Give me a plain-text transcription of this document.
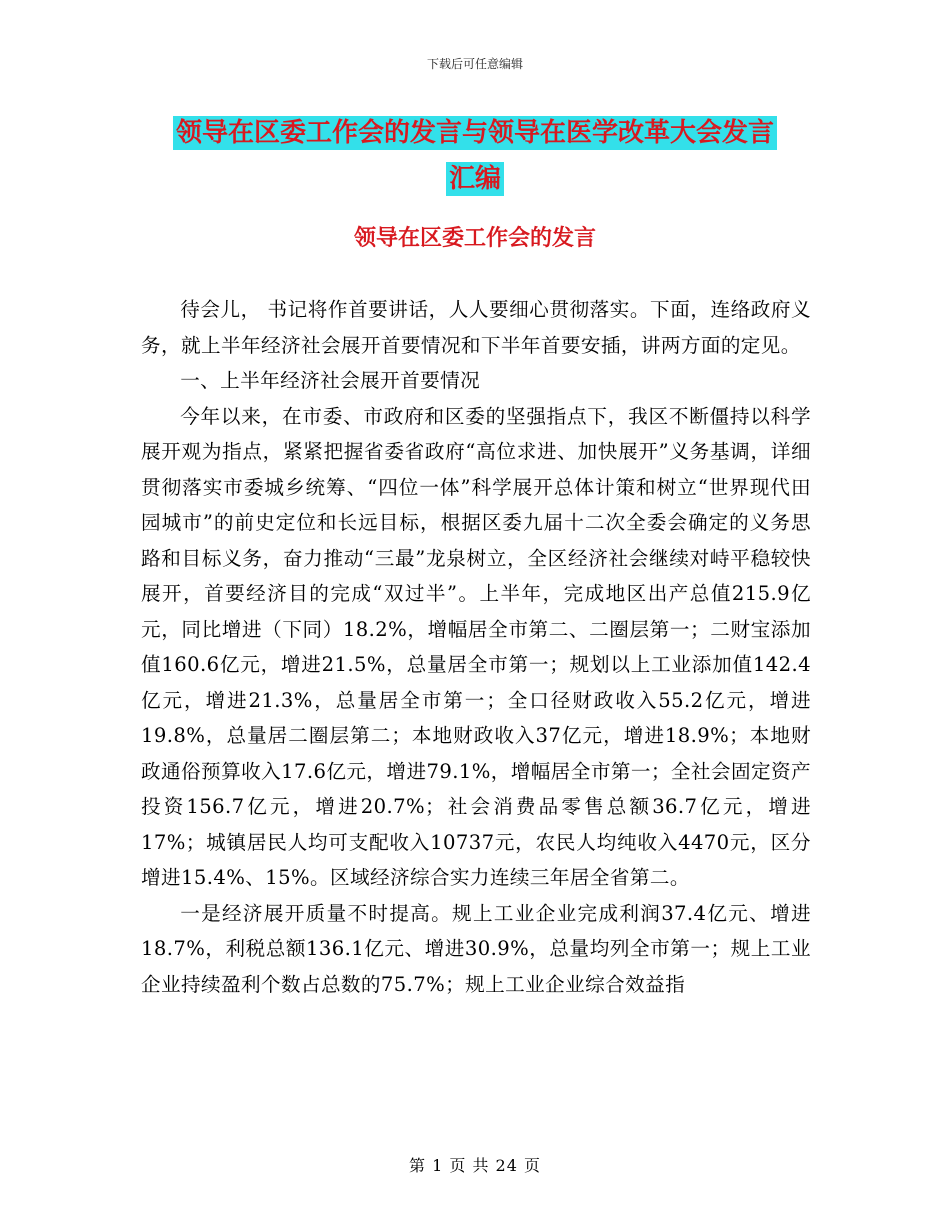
下载后可任意编辑
领导在区委工作会的发言与领导在医学改革大会发言
汇编
领导在区委工作会的发言

待会儿， 书记将作首要讲话，人人要细心贯彻落实。下面，连络政府义务，就上半年经济社会展开首要情况和下半年首要安插，讲两方面的定见。

一、上半年经济社会展开首要情况

今年以来，在市委、市政府和区委的坚强指点下，我区不断僵持以科学展开观为指点，紧紧把握省委省政府“高位求进、加快展开”义务基调，详细贯彻落实市委城乡统筹、“四位一体”科学展开总体计策和树立“世界现代田园城市”的前史定位和长远目标，根据区委九届十二次全委会确定的义务思路和目标义务，奋力推动“三最”龙泉树立，全区经济社会继续对峙平稳较快展开，首要经济目的完成“双过半”。上半年，完成地区出产总值215.9亿元，同比增进（下同）18.2%，增幅居全市第二、二圈层第一；二财宝添加值160.6亿元，增进21.5%，总量居全市第一；规划以上工业添加值142.4亿元，增进21.3%，总量居全市第一；全口径财政收入55.2亿元，增进19.8%，总量居二圈层第二；本地财政收入37亿元，增进18.9%；本地财政通俗预算收入17.6亿元，增进79.1%，增幅居全市第一；全社会固定资产投资156.7亿元，增进20.7%；社会消费品零售总额36.7亿元，增进17%；城镇居民人均可支配收入10737元，农民人均纯收入4470元，区分增进15.4%、15%。区域经济综合实力连续三年居全省第二。

一是经济展开质量不时提高。规上工业企业完成利润37.4亿元、增进18.7%，利税总额136.1亿元、增进30.9%，总量均列全市第一；规上工业企业持续盈利个数占总数的75.7%；规上工业企业综合效益指

第 1 页 共 24 页
